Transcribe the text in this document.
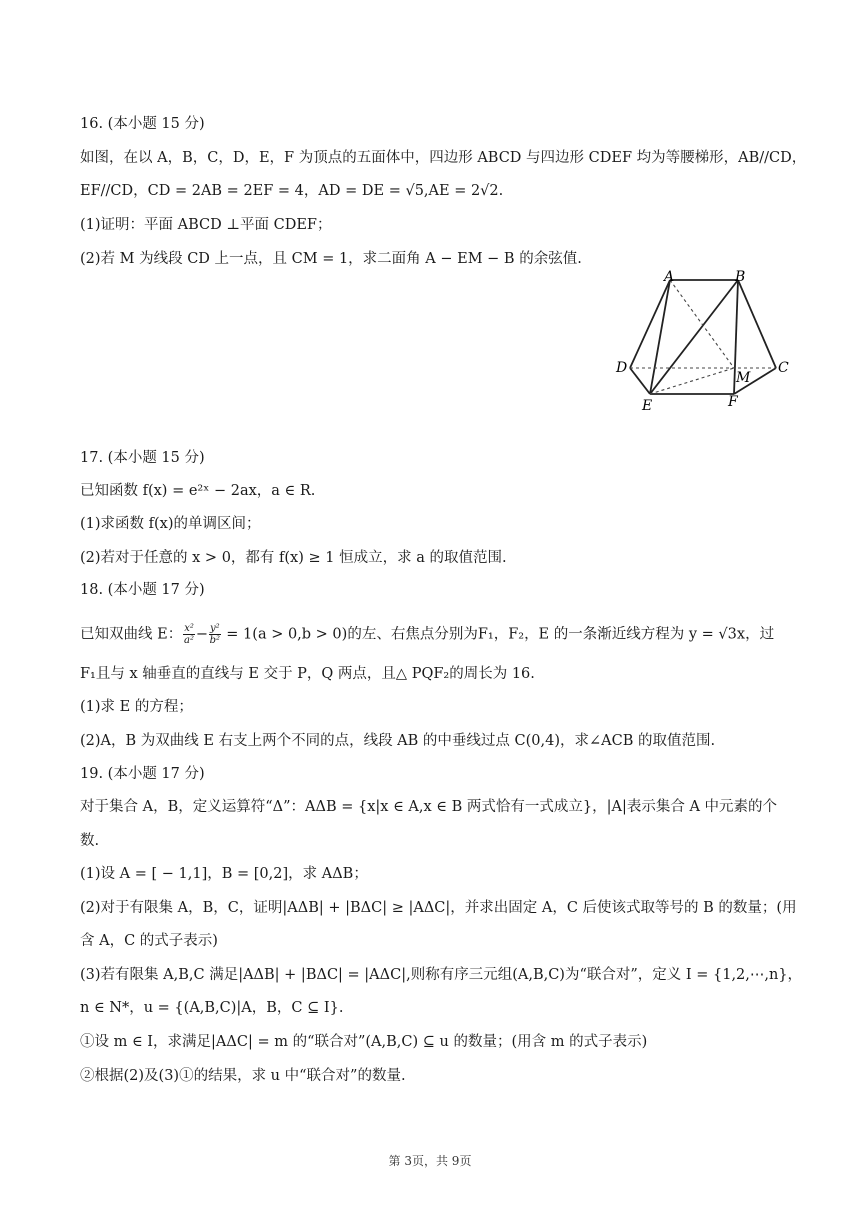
16. (本小题 15 分)
如图，在以 A，B，C，D，E，F 为顶点的五面体中，四边形 ABCD 与四边形 CDEF 均为等腰梯形，AB//CD，
EF//CD，CD = 2AB = 2EF = 4，AD = DE = √5,AE = 2√2.
(1)证明：平面 ABCD ⊥平面 CDEF；
(2)若 M 为线段 CD 上一点，且 CM = 1，求二面角 A − EM − B 的余弦值.
A	B
C
D
E	F
M
17. (本小题 15 分)
已知函数 f(x) = e²ˣ − 2ax，a ∈ R.
(1)求函数 f(x)的单调区间；
(2)若对于任意的 x > 0，都有 f(x) ≥ 1 恒成立，求 a 的取值范围.
18. (本小题 17 分)
已知双曲线 E： $\frac{\text{x²}}{\text{a²}} - \frac{\text{y²}}{\text{b²}} = 1(a > 0,b > 0)$的左、右焦点分别为F₁，F₂，E 的一条渐近线方程为 y = √3x，过
F₁且与 x 轴垂直的直线与 E 交于 P，Q 两点，且△ PQF₂的周长为 16.
(1)求 E 的方程；
(2)A，B 为双曲线 E 右支上两个不同的点，线段 AB 的中垂线过点 C(0,4)，求∠ACB 的取值范围.
19. (本小题 17 分)
对于集合 A，B，定义运算符“Δ”：AΔB = {x|x ∈ A,x ∈ B 两式恰有一式成立}，|A|表示集合 A 中元素的个
数.
(1)设 A = [ − 1,1]，B = [0,2]，求 AΔB；
(2)对于有限集 A，B，C，证明|AΔB| + |BΔC| ≥ |AΔC|，并求出固定 A，C 后使该式取等号的 B 的数量；(用
含 A，C 的式子表示)
(3)若有限集 A,B,C 满足|AΔB| + |BΔC| = |AΔC|,则称有序三元组(A,B,C)为“联合对”，定义 I = {1,2,⋯,n}，
n ∈ N*，u = {(A,B,C)|A，B，C ⊆ I}.
①设 m ∈ I，求满足|AΔC| = m 的“联合对”(A,B,C) ⊆ u 的数量；(用含 m 的式子表示)
②根据(2)及(3)①的结果，求 u 中“联合对”的数量.
第 3页，共 9页
